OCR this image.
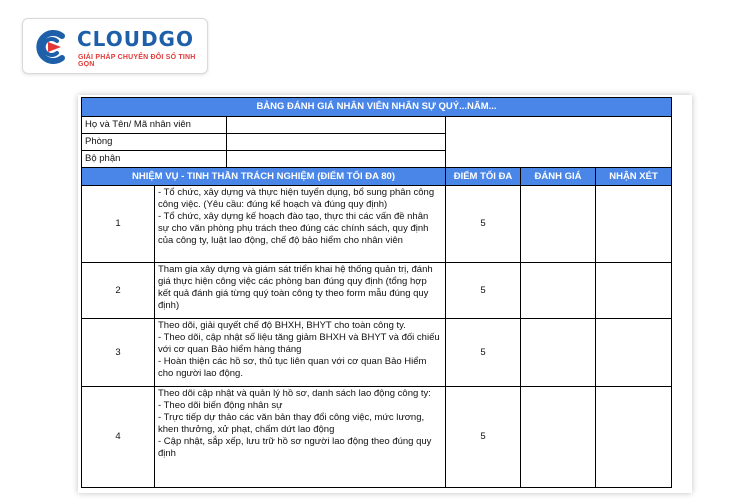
CLOUDGO
GIẢI PHÁP CHUYỂN ĐỔI SỐ TINH GỌN
BẢNG ĐÁNH GIÁ NHÂN VIÊN NHÂN SỰ QUÝ...NĂM...					
Họ và Tên/ Mã nhân viên					
Phòng					
Bộ phận					
NHIỆM VỤ - TINH THẦN TRÁCH NGHIỆM (ĐIỂM TỐI ĐA 80)			ĐIỂM TỐI ĐA	ĐÁNH GIÁ	NHẬN XÉT
1	- Tổ chức, xây dựng và thực hiện tuyển dụng, bổ sung phân công công việc. (Yêu cầu: đúng kế hoạch và đúng quy định)
- Tổ chức, xây dựng kế hoạch đào tạo, thực thi các vấn đề nhân sự cho văn phòng phụ trách theo đúng các chính sách, quy định của công ty, luật lao động, chế độ bảo hiểm cho nhân viên		5		
2	Tham gia xây dựng và giám sát triển khai hệ thống quản trị, đánh giá thực hiện công việc các phòng ban đúng quy định (tổng hợp kết quả đánh giá từng quý toàn công ty theo form mẫu đúng quy định)		5		
3	Theo dõi, giải quyết chế độ BHXH, BHYT cho toàn công ty.
- Theo dõi, cập nhật số liệu tăng giảm BHXH và BHYT và đối chiếu với cơ quan Bảo hiểm hàng tháng
- Hoàn thiện các hồ sơ, thủ tục liên quan với cơ quan Bảo Hiểm cho người lao động.		5		
4	Theo dõi cập nhật và quản lý hồ sơ, danh sách lao động công ty:
- Theo dõi biến động nhân sự
- Trực tiếp dự thảo các văn bản thay đổi công việc, mức lương, khen thưởng, xử phạt, chấm dứt lao động
- Cập nhật, sắp xếp, lưu trữ hồ sơ người lao động theo đúng quy định		5		
